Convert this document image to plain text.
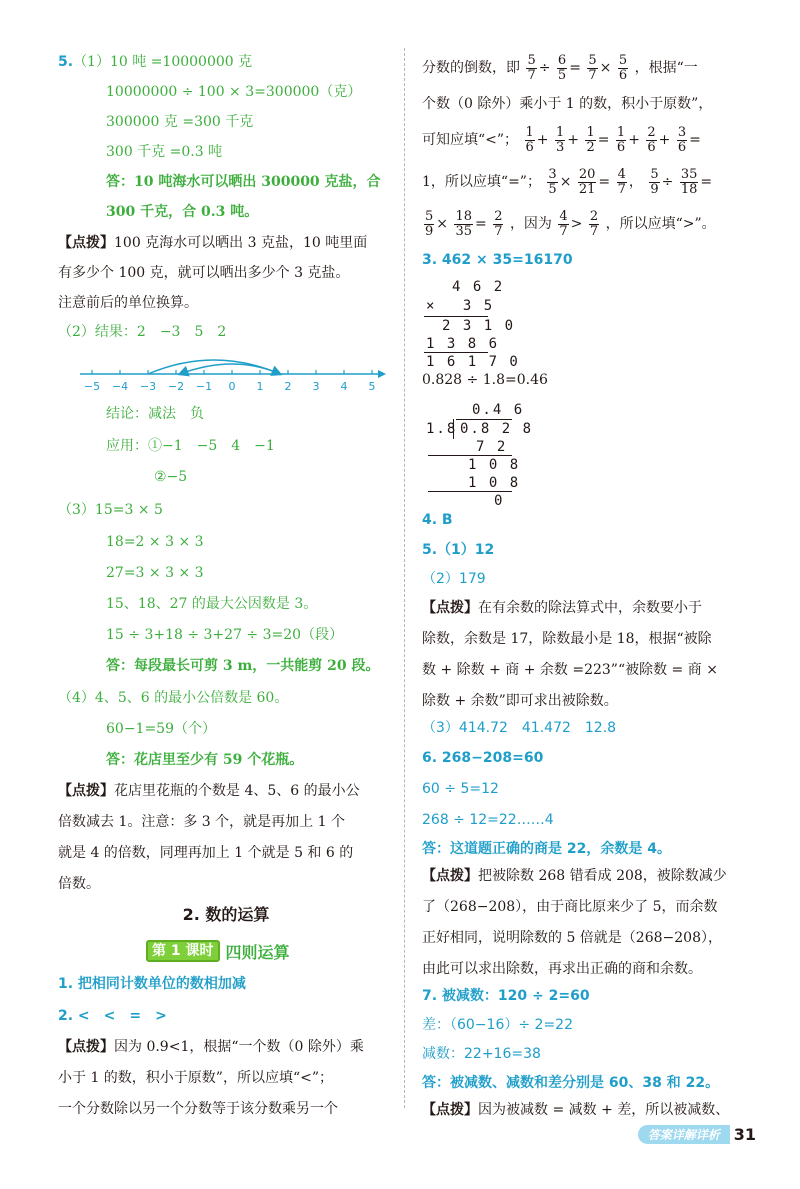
5.（1）10 吨 =10000000 克
10000000 ÷ 100 × 3=300000（克）
300000 克 =300 千克
300 千克 =0.3 吨
答：10 吨海水可以晒出 300000 克盐，合
300 千克，合 0.3 吨。
【点拨】100 克海水可以晒出 3 克盐，10 吨里面
有多少个 100 克，就可以晒出多少个 3 克盐。
注意前后的单位换算。
（2）结果：2　−3　5　2
−5 −4 −3 −2 −1 0 1 2 3 4 5
结论：减法　负
应用：①−1　−5　4　−1
②−5
（3）15=3 × 5
18=2 × 3 × 3
27=3 × 3 × 3
15、18、27 的最大公因数是 3。
15 ÷ 3+18 ÷ 3+27 ÷ 3=20（段）
答：每段最长可剪 3 m，一共能剪 20 段。
（4）4、5、6 的最小公倍数是 60。
60−1=59（个）
答：花店里至少有 59 个花瓶。
【点拨】花店里花瓶的个数是 4、5、6 的最小公
倍数减去 1。注意：多 3 个，就是再加上 1 个
就是 4 的倍数，同理再加上 1 个就是 5 和 6 的
倍数。
2. 数的运算
第 1 课时 四则运算
1. 把相同计数单位的数相加减
2. <　<　=　>
【点拨】因为 0.9<1，根据“一个数（0 除外）乘
小于 1 的数，积小于原数”，所以应填“<”；
一个分数除以另一个分数等于该分数乘另一个
分数的倒数，即 $\frac{5}{7} \div \frac{6}{5} = \frac{5}{7} \times \frac{5}{6}$ ，根据“一
个数（0 除外）乘小于 1 的数，积小于原数”，
可知应填“<”； $\frac{1}{6} + \frac{1}{3} + \frac{1}{2} = \frac{1}{6} + \frac{2}{6} + \frac{3}{6}$ =
1，所以应填“=”； $\frac{3}{5} \times \frac{20}{21} = \frac{4}{7}$ ， $\frac{5}{9} \div \frac{35}{18}$ =
$\frac{5}{9} \times \frac{18}{35} = \frac{2}{7}$ ，因为 $\frac{4}{7} > \frac{2}{7}$ ，所以应填“>”。
3. 462 × 35=16170
4 6 2
×　 3 5
2 3 1 0
1 3 8 6
1 6 1 7 0
0.828 ÷ 1.8=0.46
0.4 6
1.8 0.8 2 8
7 2
1 0 8
1 0 8
0
4. B
5.（1）12
（2）179
【点拨】在有余数的除法算式中，余数要小于
除数，余数是 17，除数最小是 18，根据“被除
数 + 除数 + 商 + 余数 =223”“被除数 = 商 ×
除数 + 余数”即可求出被除数。
（3）414.72　41.472　12.8
6. 268−208=60
60 ÷ 5=12
268 ÷ 12=22……4
答：这道题正确的商是 22，余数是 4。
【点拨】把被除数 268 错看成 208，被除数减少
了（268−208），由于商比原来少了 5，而余数
正好相同，说明除数的 5 倍就是（268−208），
由此可以求出除数，再求出正确的商和余数。
7. 被减数：120 ÷ 2=60
差：（60−16）÷ 2=22
减数：22+16=38
答：被减数、减数和差分别是 60、38 和 22。
【点拨】因为被减数 = 减数 + 差，所以被减数、
答案详解详析 31
